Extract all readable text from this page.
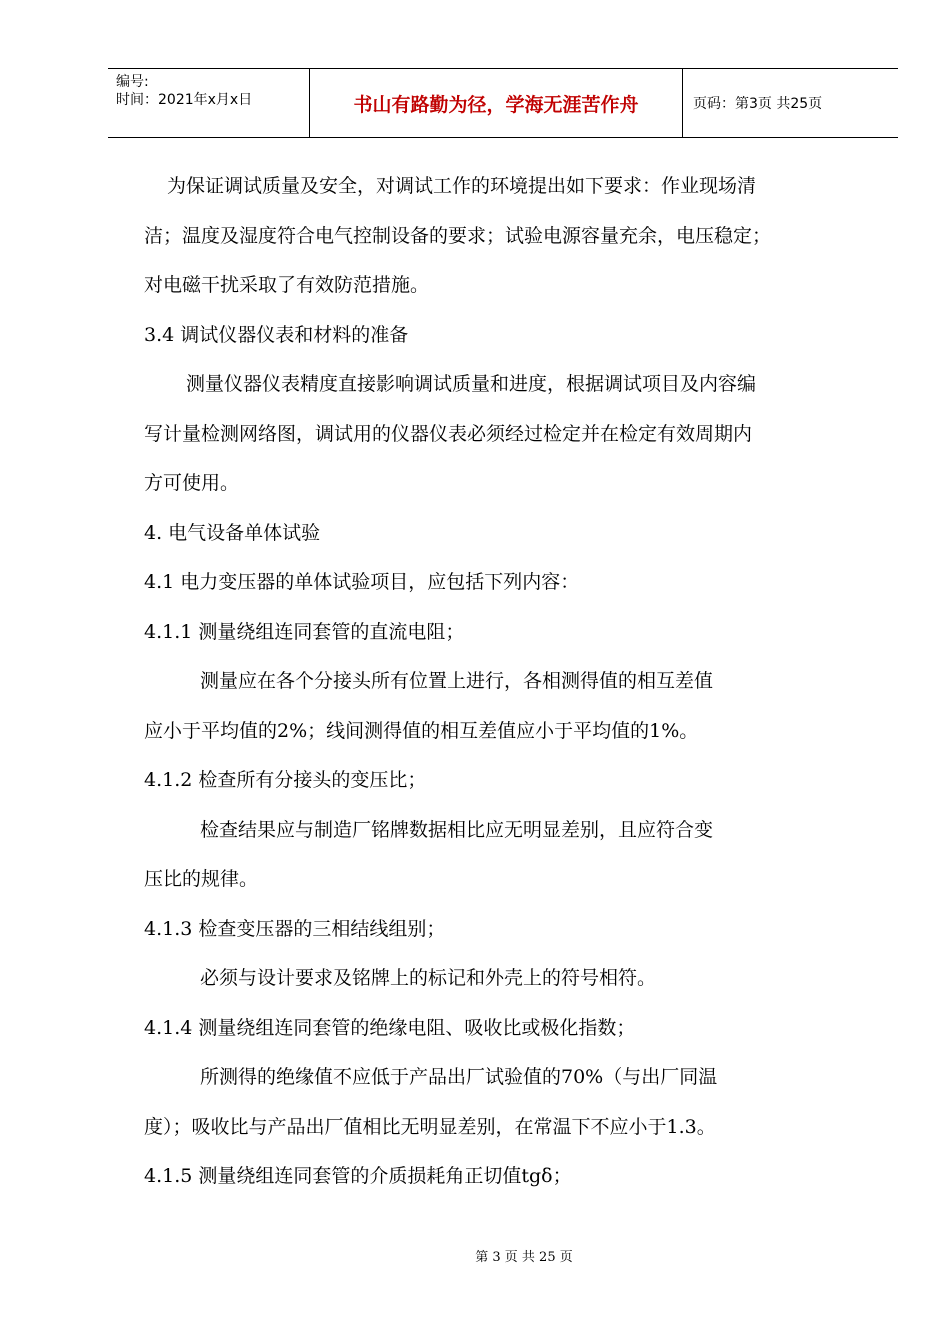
编号:
时间：2021年x月x日	书山有路勤为径，学海无涯苦作舟	页码：第3页 共25页
为保证调试质量及安全，对调试工作的环境提出如下要求：作业现场清
洁；温度及湿度符合电气控制设备的要求；试验电源容量充余，电压稳定；
对电磁干扰采取了有效防范措施。
3.4 调试仪器仪表和材料的准备
测量仪器仪表精度直接影响调试质量和进度，根据调试项目及内容编
写计量检测网络图，调试用的仪器仪表必须经过检定并在检定有效周期内
方可使用。
4. 电气设备单体试验
4.1 电力变压器的单体试验项目，应包括下列内容：
4.1.1 测量绕组连同套管的直流电阻；
测量应在各个分接头所有位置上进行，各相测得值的相互差值
应小于平均值的2%；线间测得值的相互差值应小于平均值的1%。
4.1.2 检查所有分接头的变压比；
检查结果应与制造厂铭牌数据相比应无明显差别，且应符合变
压比的规律。
4.1.3 检查变压器的三相结线组别；
必须与设计要求及铭牌上的标记和外壳上的符号相符。
4.1.4 测量绕组连同套管的绝缘电阻、吸收比或极化指数；
所测得的绝缘值不应低于产品出厂试验值的70%（与出厂同温
度）；吸收比与产品出厂值相比无明显差别，在常温下不应小于1.3。
4.1.5 测量绕组连同套管的介质损耗角正切值tgδ；
第 3 页 共 25 页
